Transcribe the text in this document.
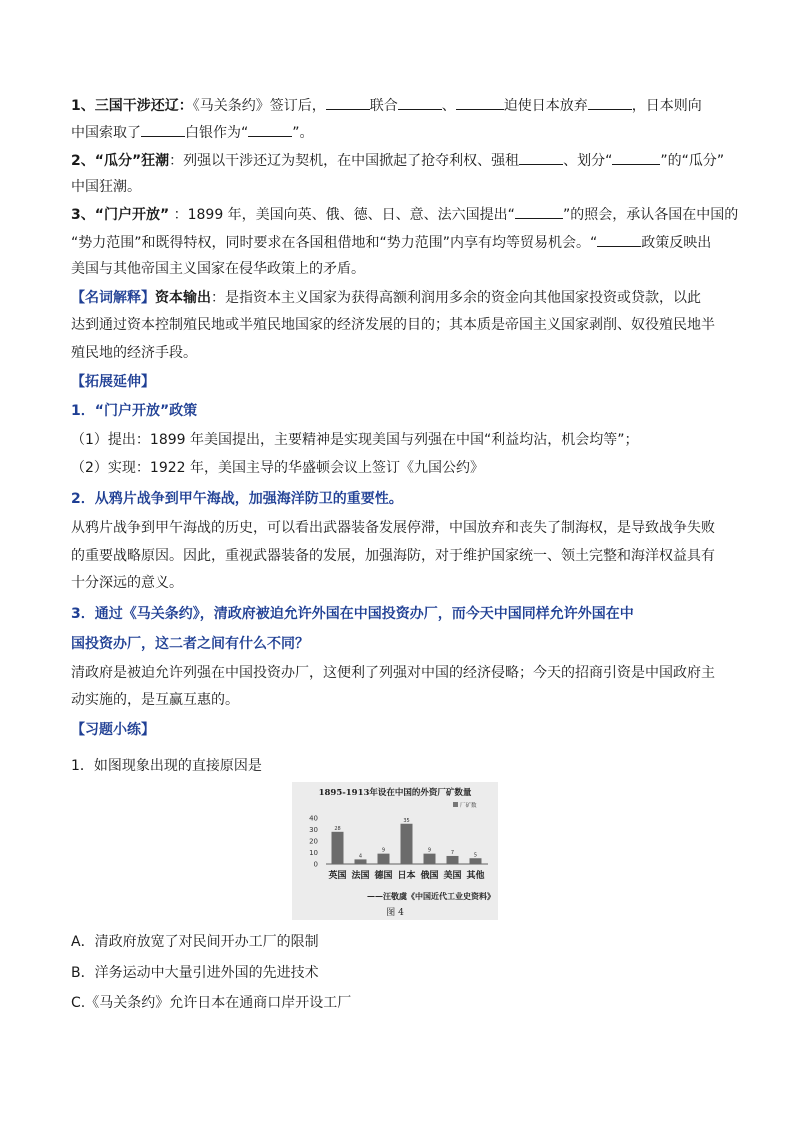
1、三国干涉还辽：《马关条约》签订后，	联合	、	迫使日本放弃	，日本则向
中国索取了	白银作为“	”。
2、“瓜分”狂潮：列强以干涉还辽为契机，在中国掀起了抢夺利权、强租	、划分“	”的“瓜分”
中国狂潮。
3、“门户开放” ：1899 年，美国向英、俄、德、日、意、法六国提出“	”的照会，承认各国在中国的
“势力范围”和既得特权，同时要求在各国租借地和“势力范围”内享有均等贸易机会。“	政策反映出
美国与其他帝国主义国家在侵华政策上的矛盾。
【名词解释】资本输出：是指资本主义国家为获得高额利润用多余的资金向其他国家投资或贷款，以此
达到通过资本控制殖民地或半殖民地国家的经济发展的目的；其本质是帝国主义国家剥削、奴役殖民地半
殖民地的经济手段。
【拓展延伸】
1．“门户开放”政策
（1）提出：1899 年美国提出，主要精神是实现美国与列强在中国“利益均沾，机会均等”；
（2）实现：1922 年，美国主导的华盛顿会议上签订《九国公约》
2．从鸦片战争到甲午海战，加强海洋防卫的重要性。
从鸦片战争到甲午海战的历史，可以看出武器装备发展停滞，中国放弃和丧失了制海权，是导致战争失败
的重要战略原因。因此，重视武器装备的发展，加强海防，对于维护国家统一、领土完整和海洋权益具有
十分深远的意义。
3．通过《马关条约》，清政府被迫允许外国在中国投资办厂，而今天中国同样允许外国在中
国投资办厂，这二者之间有什么不同？
清政府是被迫允许列强在中国投资办厂，这便利了列强对中国的经济侵略；今天的招商引资是中国政府主
动实施的，是互赢互惠的。
【习题小练】
1．如图现象出现的直接原因是
1895-1913年设在中国的外资厂矿数量
厂矿数
40
30
20
10
0
28
4
9
35
9	7	5
英国 法国 德国 日本 俄国 美国 其他
——汪敬虞《中国近代工业史资料》
图 4
A．清政府放宽了对民间开办工厂的限制
B．洋务运动中大量引进外国的先进技术
C.《马关条约》允许日本在通商口岸开设工厂
